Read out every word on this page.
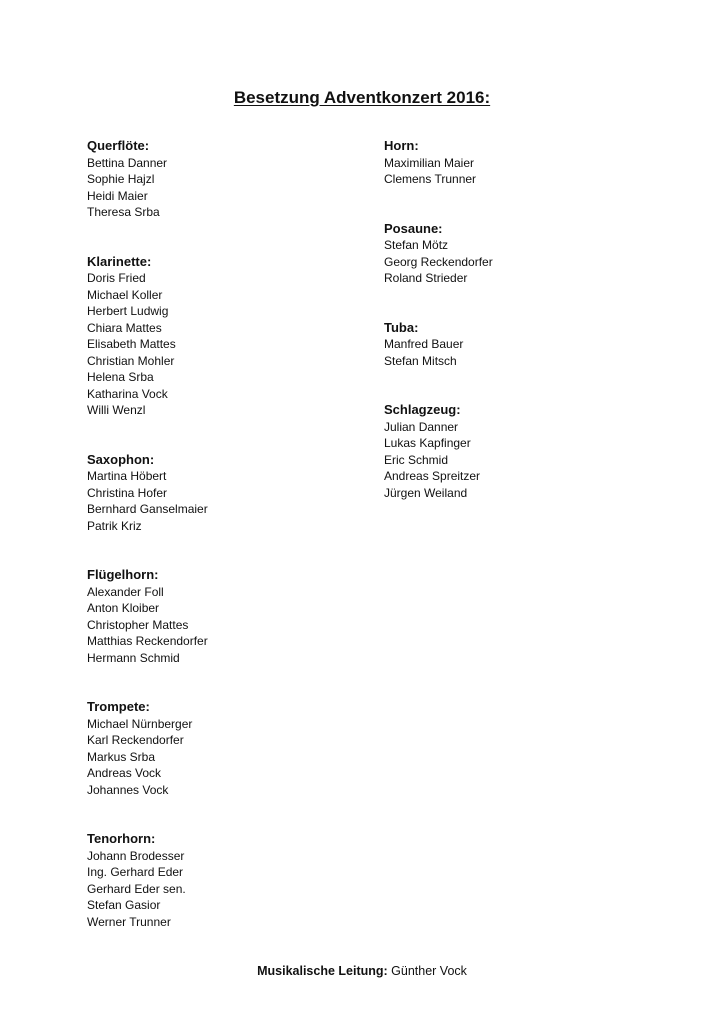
Besetzung Adventkonzert 2016:
Querflöte:
Bettina Danner
Sophie Hajzl
Heidi Maier
Theresa Srba
Klarinette:
Doris Fried
Michael Koller
Herbert Ludwig
Chiara Mattes
Elisabeth Mattes
Christian Mohler
Helena Srba
Katharina Vock
Willi Wenzl
Saxophon:
Martina Höbert
Christina Hofer
Bernhard Ganselmaier
Patrik Kriz
Flügelhorn:
Alexander Foll
Anton Kloiber
Christopher Mattes
Matthias Reckendorfer
Hermann Schmid
Trompete:
Michael Nürnberger
Karl Reckendorfer
Markus Srba
Andreas Vock
Johannes Vock
Tenorhorn:
Johann Brodesser
Ing. Gerhard Eder
Gerhard Eder sen.
Stefan Gasior
Werner Trunner
Horn:
Maximilian Maier
Clemens Trunner
Posaune:
Stefan Mötz
Georg Reckendorfer
Roland Strieder
Tuba:
Manfred Bauer
Stefan Mitsch
Schlagzeug:
Julian Danner
Lukas Kapfinger
Eric Schmid
Andreas Spreitzer
Jürgen Weiland

Musikalische Leitung: Günther Vock
